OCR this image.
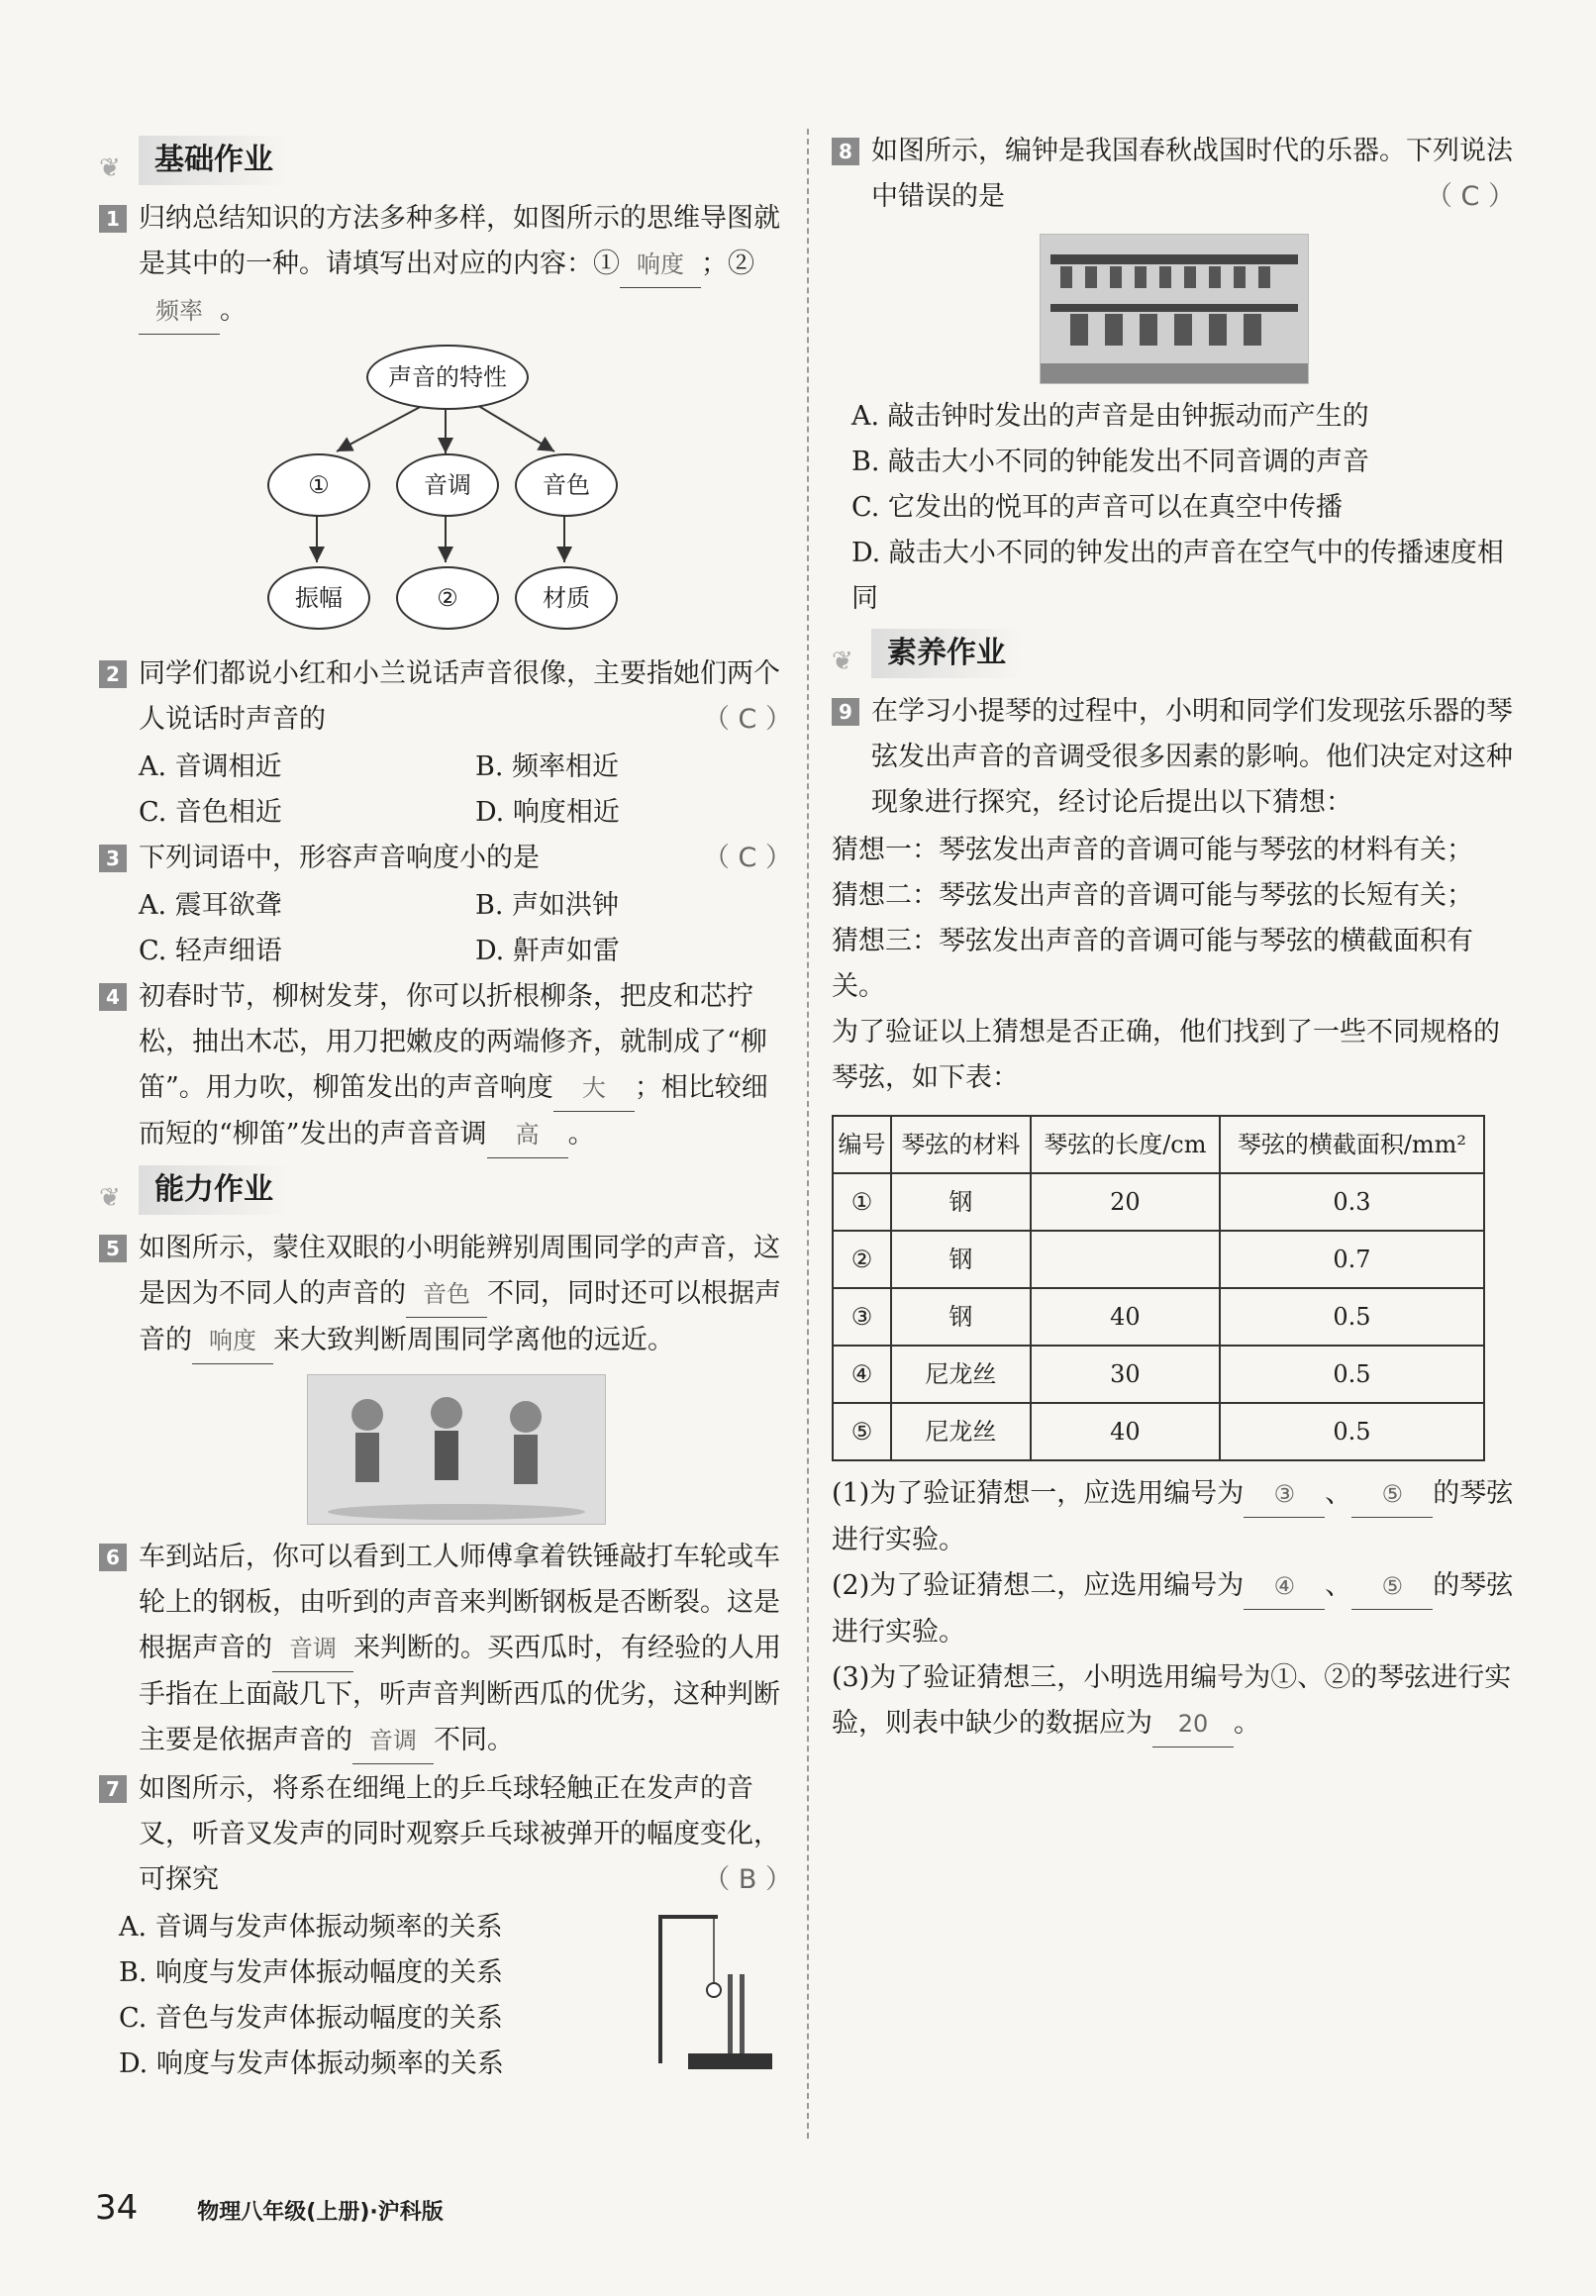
❦	基础作业
1 归纳总结知识的方法多种多样，如图所示的思维导图就是其中的一种。请填写出对应的内容：① 响度 ；②频率 。
声音的特性
①	音调	音色
振幅	②	材质
2 同学们都说小红和小兰说话声音很像，主要指她们两个人说话时声音的	（ C ）
A. 音调相近	B. 频率相近
C. 音色相近	D. 响度相近
3 下列词语中，形容声音响度小的是	（ C ）
A. 震耳欲聋	B. 声如洪钟
C. 轻声细语	D. 鼾声如雷
4 初春时节，柳树发芽，你可以折根柳条，把皮和芯拧松，抽出木芯，用刀把嫩皮的两端修齐，就制成了“柳笛”。用力吹，柳笛发出的声音响度 大 ；相比较细而短的“柳笛”发出的声音音调 高 。
❦	能力作业
5 如图所示，蒙住双眼的小明能辨别周围同学的声音，这是因为不同人的声音的 音色 不同，同时还可以根据声音的 响度 来大致判断周围同学离他的远近。
6 车到站后，你可以看到工人师傅拿着铁锤敲打车轮或车轮上的钢板，由听到的声音来判断钢板是否断裂。这是根据声音的 音调 来判断的。买西瓜时，有经验的人用手指在上面敲几下，听声音判断西瓜的优劣，这种判断主要是依据声音的 音调 不同。
7 如图所示，将系在细绳上的乒乓球轻触正在发声的音叉，听音叉发声的同时观察乒乓球被弹开的幅度变化，可探究	（ B ）
A. 音调与发声体振动频率的关系
B. 响度与发声体振动幅度的关系
C. 音色与发声体振动幅度的关系
D. 响度与发声体振动频率的关系
8 如图所示，编钟是我国春秋战国时代的乐器。下列说法中错误的是	（ C ）
A. 敲击钟时发出的声音是由钟振动而产生的
B. 敲击大小不同的钟能发出不同音调的声音
C. 它发出的悦耳的声音可以在真空中传播
D. 敲击大小不同的钟发出的声音在空气中的传播速度相同
❦	素养作业
9 在学习小提琴的过程中，小明和同学们发现弦乐器的琴弦发出声音的音调受很多因素的影响。他们决定对这种现象进行探究，经讨论后提出以下猜想：
猜想一：琴弦发出声音的音调可能与琴弦的材料有关；
猜想二：琴弦发出声音的音调可能与琴弦的长短有关；
猜想三：琴弦发出声音的音调可能与琴弦的横截面积有关。
为了验证以上猜想是否正确，他们找到了一些不同规格的琴弦，如下表：
编号	琴弦的材料	琴弦的长度/cm	琴弦的横截面积/mm²
①	钢	20	0.3
②	钢		0.7
③	钢	40	0.5
④	尼龙丝	30	0.5
⑤	尼龙丝	40	0.5
(1)为了验证猜想一，应选用编号为 ③ 、 ⑤ 的琴弦进行实验。
(2)为了验证猜想二，应选用编号为 ④ 、 ⑤ 的琴弦进行实验。
(3)为了验证猜想三，小明选用编号为①、②的琴弦进行实验，则表中缺少的数据应为 20 。
34	物理八年级(上册)·沪科版
